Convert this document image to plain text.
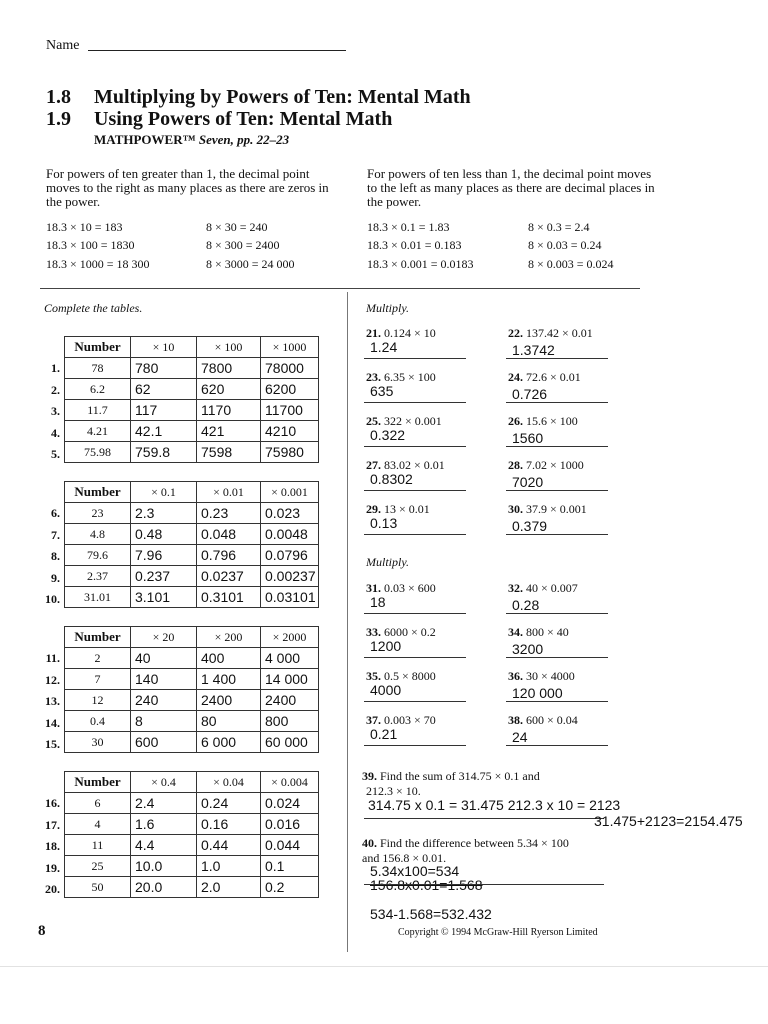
Name
1.8 Multiplying by Powers of Ten: Mental Math
1.9 Using Powers of Ten: Mental Math
MATHPOWER™ Seven, pp. 22–23
For powers of ten greater than 1, the decimal point moves to the right as many places as there are zeros in the power.
18.3 × 10 = 183	8 × 30 = 240
18.3 × 100 = 1830	8 × 300 = 2400
18.3 × 1000 = 18 300	8 × 3000 = 24 000
For powers of ten less than 1, the decimal point moves to the left as many places as there are decimal places in the power.
18.3 × 0.1 = 1.83	8 × 0.3 = 2.4
18.3 × 0.01 = 0.183	8 × 0.03 = 0.24
18.3 × 0.001 = 0.0183	8 × 0.003 = 0.024
Complete the tables.
1.
2.
3.
4.
5.
Number	× 10	× 100	× 1000
78	780	7800	78000
6.2	62	620	6200
11.7	117	1170	11700
4.21	42.1	421	4210
75.98	759.8	7598	75980
6.
7.
8.
9.
10.
Number	× 0.1	× 0.01	× 0.001
23	2.3	0.23	0.023
4.8	0.48	0.048	0.0048
79.6	7.96	0.796	0.0796
2.37	0.237	0.0237	0.00237
31.01	3.101	0.3101	0.03101
11.
12.
13.
14.
15.
Number	× 20	× 200	× 2000
2	40	400	4 000
7	140	1 400	14 000
12	240	2400	2400
0.4	8	80	800
30	600	6 000	60 000
16.
17.
18.
19.
20.
Number	× 0.4	× 0.04	× 0.004
6	2.4	0.24	0.024
4	1.6	0.16	0.016
11	4.4	0.44	0.044
25	10.0	1.0	0.1
50	20.0	2.0	0.2
Multiply.
21. 0.124 × 10
1.24
22. 137.42 × 0.01
1.3742
23. 6.35 × 100
635
24. 72.6 × 0.01
0.726
25. 322 × 0.001
0.322
26. 15.6 × 100
1560
27. 83.02 × 0.01
0.8302
28. 7.02 × 1000
7020
29. 13 × 0.01
0.13
30. 37.9 × 0.001
0.379
Multiply.
31. 0.03 × 600
18
32. 40 × 0.007
0.28
33. 6000 × 0.2
1200
34. 800 × 40
3200
35. 0.5 × 8000
4000
36. 30 × 4000
120 000
37. 0.003 × 70
0.21
38. 600 × 0.04
24
39. Find the sum of 314.75 × 0.1 and
212.3 × 10.
314.75 x 0.1 = 31.475 212.3 x 10 = 2123
31.475+2123=2154.475
40. Find the difference between 5.34 × 100
and 156.8 × 0.01.
5.34x100=534
156.8x0.01=1.568
534-1.568=532.432
8	Copyright © 1994 McGraw-Hill Ryerson Limited
